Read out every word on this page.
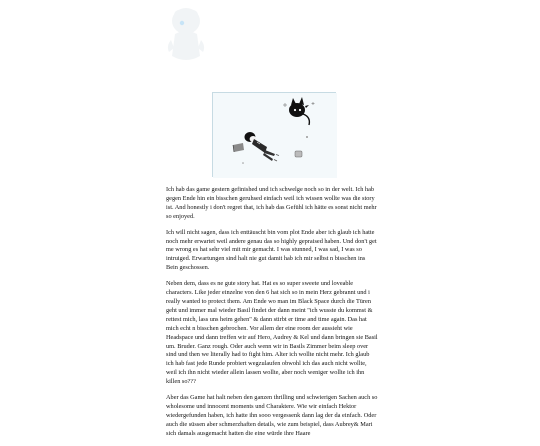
Ich hab das game gestern gefinished und ich schwelge noch so in der welt. Ich hab gegen Ende hin ein bisschen geruhsed einfach weil ich wissen wollte was die story ist. And honestly i don't regret that, ich hab das Gefühl ich hätte es sonst nicht mehr so enjoyed.

Ich will nicht sagen, dass ich enttäuscht bin vom plot Ende aber ich glaub ich hatte noch mehr erwartet weil andere genau das so highly gepraised haben. Und don't get me wrong es hat sehr viel mit mir gemacht. I was stunned, I was sad, I was so intruiged. Erwartungen sind halt nie gut damit hab ich mir selbst n bisschen ins Bein geschossen.

Neben dem, dass es ne gute story hat. Hat es so super sweete und loveable characters. Like jeder einzelne von den 6 hat sich so in mein Herz gebrannt und i really wanted to protect them. Am Ende wo man im Black Space durch die Türen geht und immer mal wieder Basil findet der dann meint "ich wusste du kommst & rettest mich, lass uns heim gehen" & dann stirbt er time and time again. Das hat mich echt n bisschen gebrochen. Vor allem der eine room der aussieht wie Headspace und dann treffen wir auf Hero, Audrey & Kel und dann bringen sie Basil um. Bruder. Ganz rough. Oder auch wenn wir in Basils Zimmer beim sleep over sind und then we literally had to fight him. Alter ich wollte nicht mehr. Ich glaub ich hab fast jede Runde probiert wegzulaufen obwohl ich das auch nicht wollte, weil ich ihn nicht wieder allein lassen wollte, aber noch weniger wollte ich ihn killen so???

Aber das Game hat halt neben den ganzen thrilling und schwierigen Sachen auch so wholesome und innocent moments und Charaktere. Wie wir einfach Hektor wiedergefunden haben, ich hatte ihn sooo vergessenk dann lag der da einfach. Oder auch die süssen aber schmerzhaften details, wie zum beispiel, dass Aubrey& Mari sich damals ausgemacht hatten die eine würde ihre Haare
